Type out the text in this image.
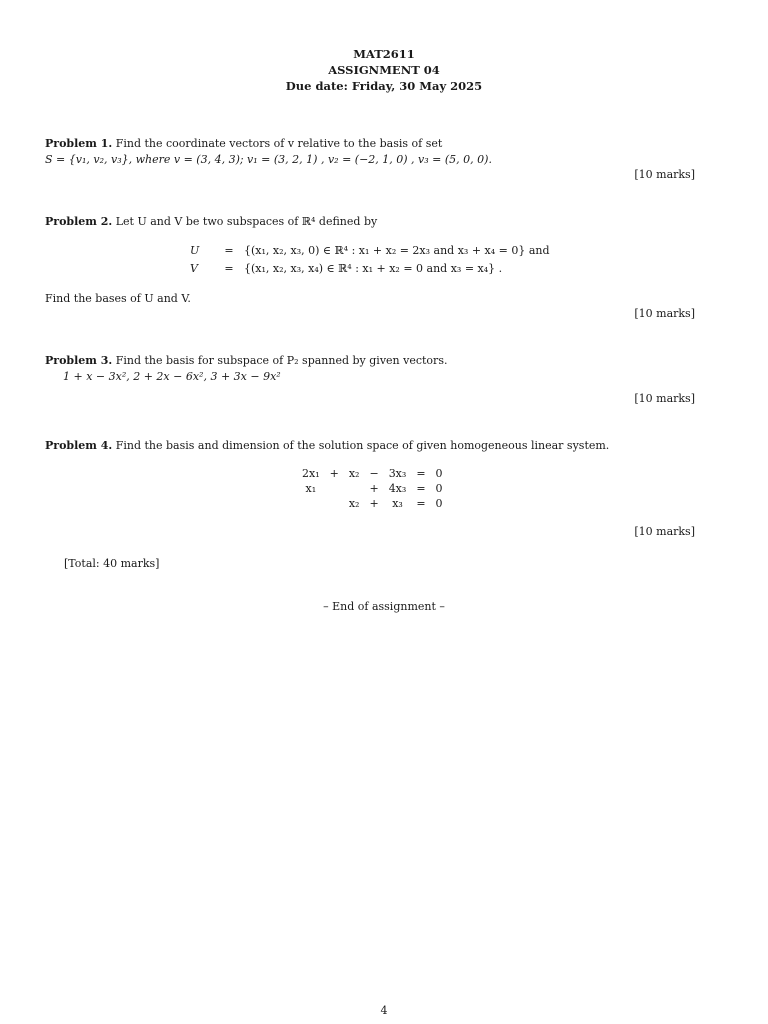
MAT2611
ASSIGNMENT 04
Due date: Friday, 30 May 2025
Problem 1. Find the coordinate vectors of v relative to the basis of set
S = {v₁, v₂, v₃}, where v = (3, 4, 3); v₁ = (3, 2, 1) , v₂ = (−2, 1, 0) , v₃ = (5, 0, 0).
[10 marks]
Problem 2. Let U and V be two subspaces of ℝ⁴ defined by
U	= {(x₁, x₂, x₃, 0) ∈ ℝ⁴ : x₁ + x₂ = 2x₃ and x₃ + x₄ = 0} and
V	= {(x₁, x₂, x₃, x₄) ∈ ℝ⁴ : x₁ + x₂ = 0 and x₃ = x₄} .
Find the bases of U and V.
[10 marks]
Problem 3. Find the basis for subspace of P₂ spanned by given vectors.
1 + x − 3x², 2 + 2x − 6x², 3 + 3x − 9x²
[10 marks]
Problem 4. Find the basis and dimension of the solution space of given homogeneous linear system.
2x₁	+	x₂	−	3x₃	=	0
x₁			+	4x₃	=	0
		x₂	+	x₃	=	0
[10 marks]
[Total: 40 marks]
– End of assignment –
4
